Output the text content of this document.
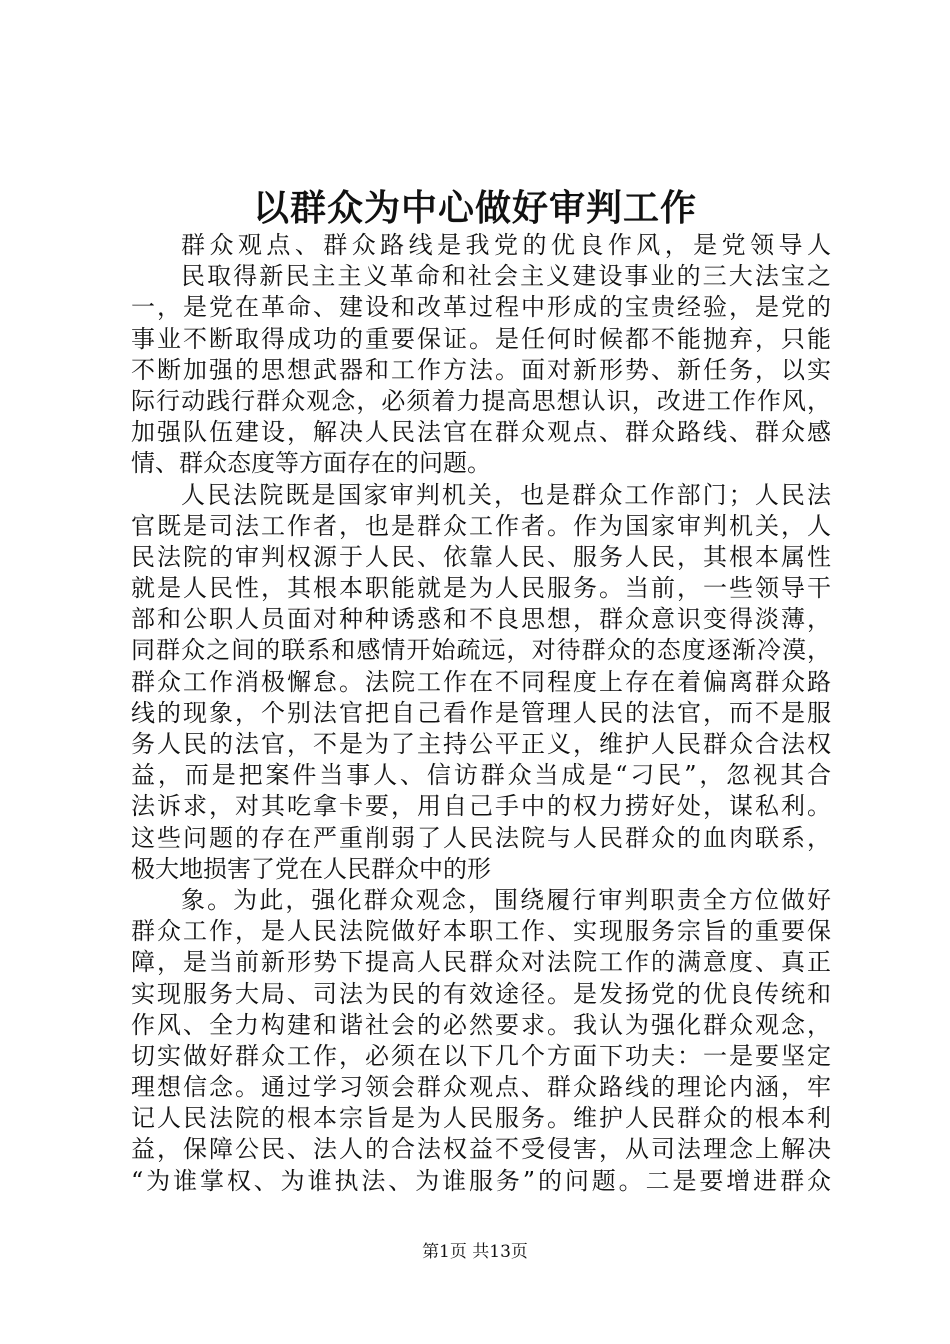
以群众为中心做好审判工作
群众观点、群众路线是我党的优良作风，是党领导人
民取得新民主主义革命和社会主义建设事业的三大法宝之
一，是党在革命、建设和改革过程中形成的宝贵经验，是党的
事业不断取得成功的重要保证。是任何时候都不能抛弃，只能
不断加强的思想武器和工作方法。面对新形势、新任务，以实
际行动践行群众观念，必须着力提高思想认识，改进工作作风，
加强队伍建设，解决人民法官在群众观点、群众路线、群众感
情、群众态度等方面存在的问题。
人民法院既是国家审判机关，也是群众工作部门；人民法
官既是司法工作者，也是群众工作者。作为国家审判机关，人
民法院的审判权源于人民、依靠人民、服务人民，其根本属性
就是人民性，其根本职能就是为人民服务。当前，一些领导干
部和公职人员面对种种诱惑和不良思想，群众意识变得淡薄，
同群众之间的联系和感情开始疏远，对待群众的态度逐渐冷漠，
群众工作消极懈怠。法院工作在不同程度上存在着偏离群众路
线的现象，个别法官把自己看作是管理人民的法官，而不是服
务人民的法官，不是为了主持公平正义，维护人民群众合法权
益，而是把案件当事人、信访群众当成是“刁民”，忽视其合
法诉求，对其吃拿卡要，用自己手中的权力捞好处，谋私利。
这些问题的存在严重削弱了人民法院与人民群众的血肉联系，
极大地损害了党在人民群众中的形
象。为此，强化群众观念，围绕履行审判职责全方位做好
群众工作，是人民法院做好本职工作、实现服务宗旨的重要保
障，是当前新形势下提高人民群众对法院工作的满意度、真正
实现服务大局、司法为民的有效途径。是发扬党的优良传统和
作风、全力构建和谐社会的必然要求。我认为强化群众观念，
切实做好群众工作，必须在以下几个方面下功夫：一是要坚定
理想信念。通过学习领会群众观点、群众路线的理论内涵，牢
记人民法院的根本宗旨是为人民服务。维护人民群众的根本利
益，保障公民、法人的合法权益不受侵害，从司法理念上解决
“为谁掌权、为谁执法、为谁服务”的问题。二是要增进群众
第1页 共13页
